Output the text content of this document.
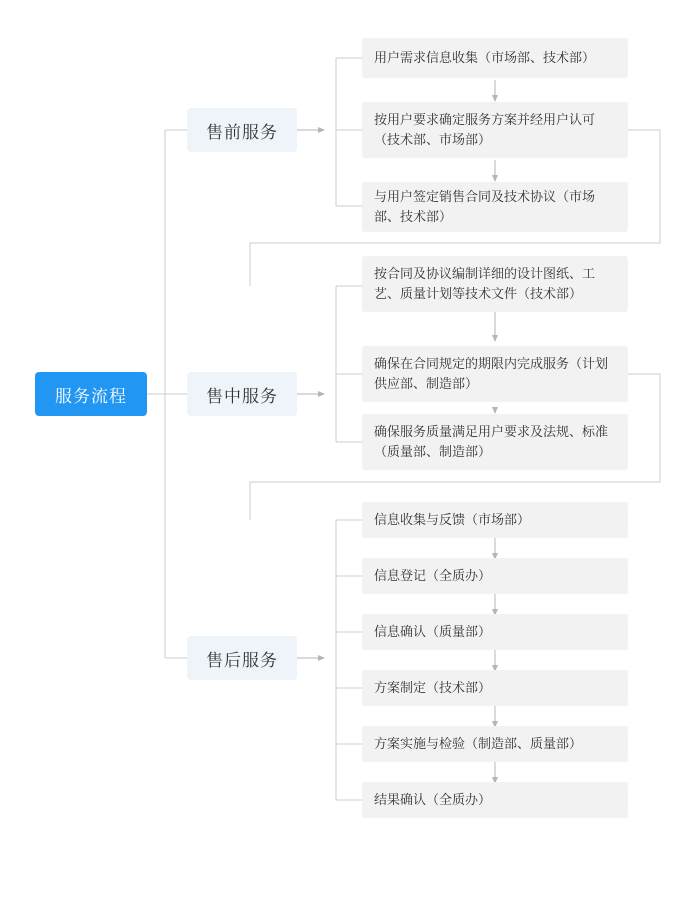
服务流程
售前服务
售中服务
售后服务
用户需求信息收集（市场部、技术部）
按用户要求确定服务方案并经用户认可（技术部、市场部）
与用户签定销售合同及技术协议（市场部、技术部）
按合同及协议编制详细的设计图纸、工艺、质量计划等技术文件（技术部）
确保在合同规定的期限内完成服务（计划供应部、制造部）
确保服务质量满足用户要求及法规、标准（质量部、制造部）
信息收集与反馈（市场部）
信息登记（全质办）
信息确认（质量部）
方案制定（技术部）
方案实施与检验（制造部、质量部）
结果确认（全质办）
